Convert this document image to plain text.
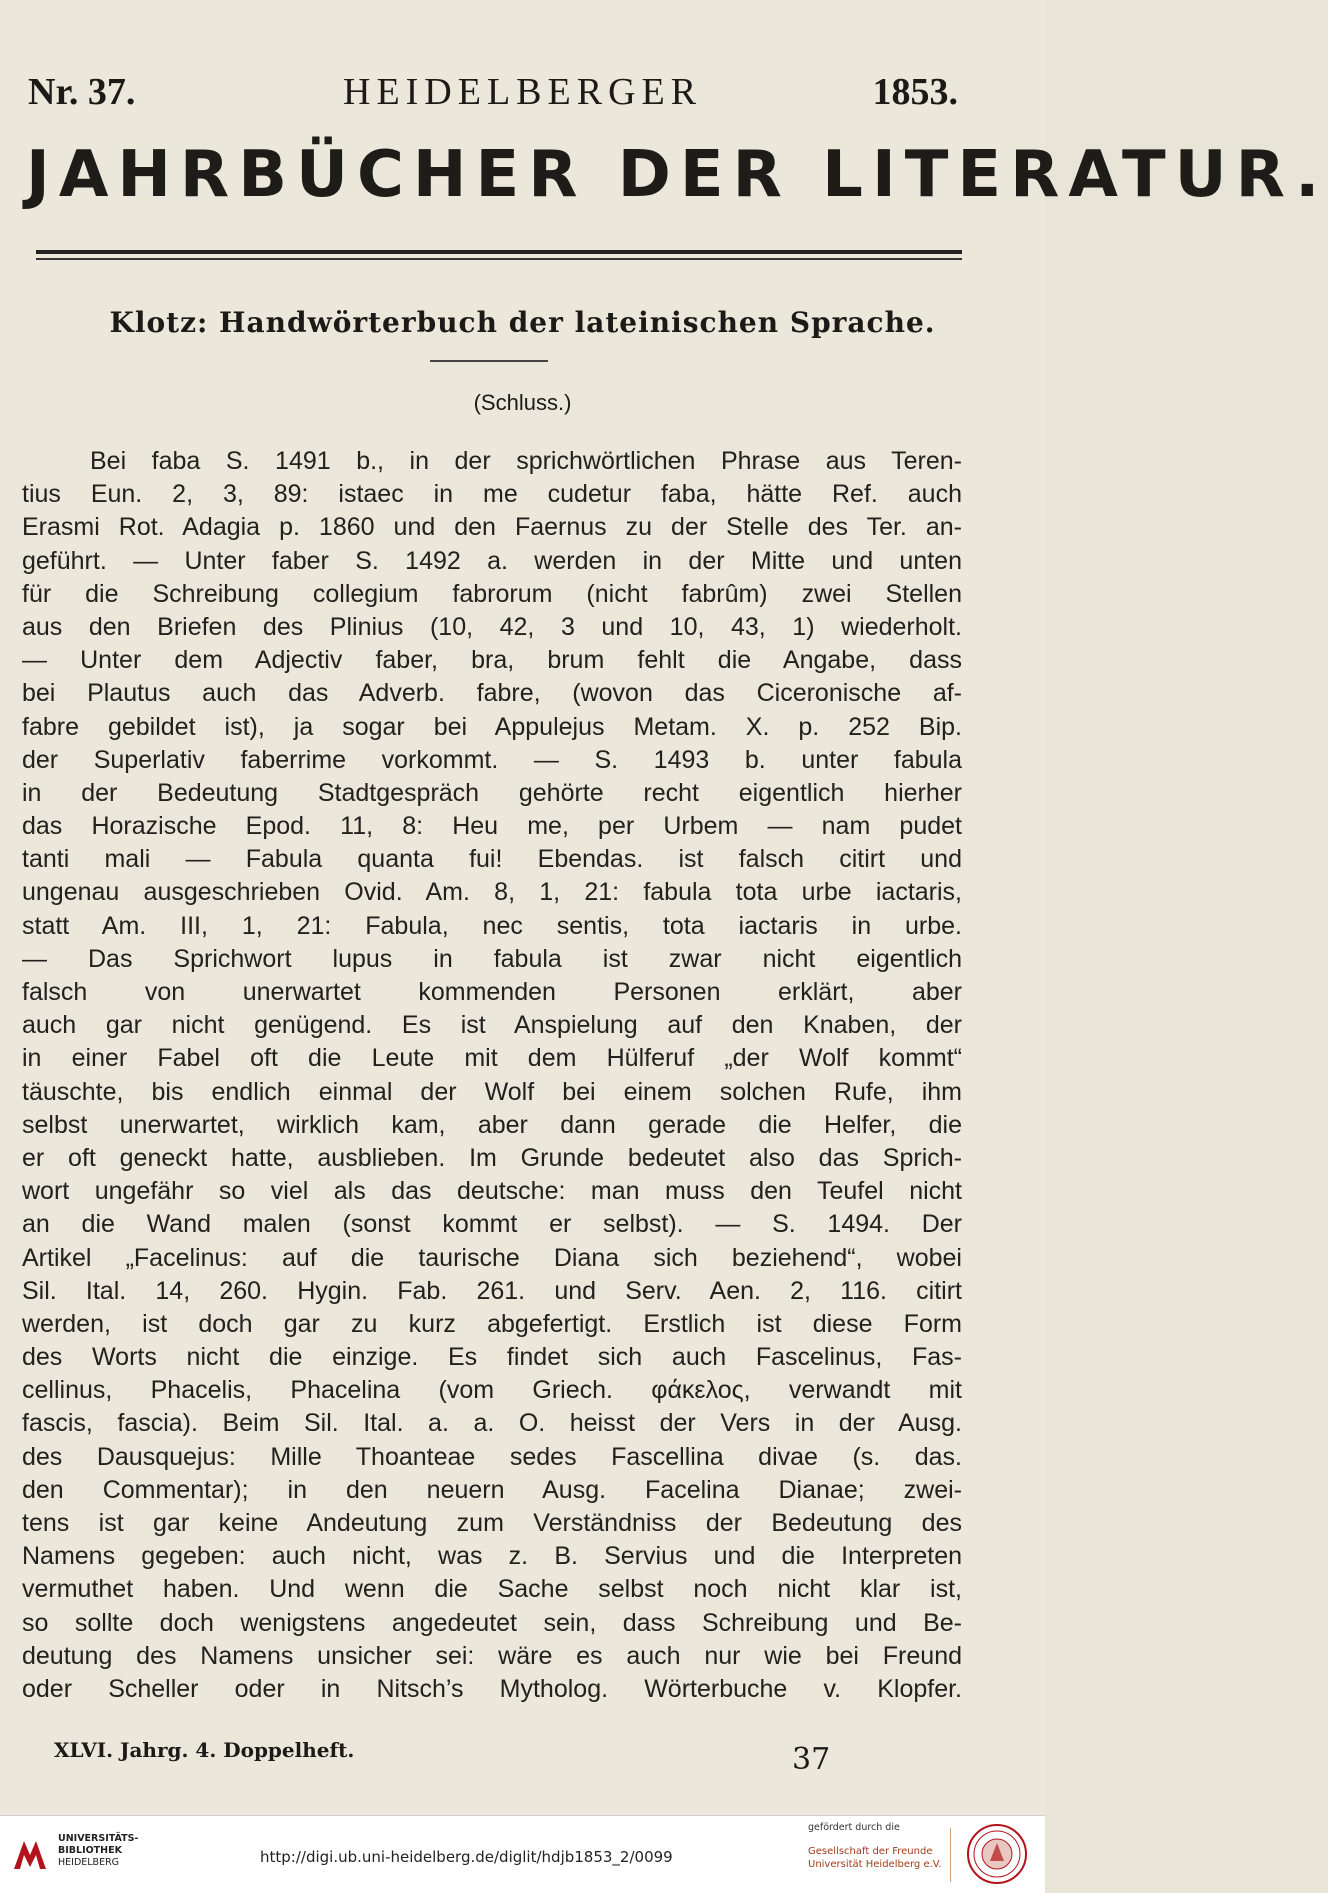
Nr. 37.	HEIDELBERGER	1853.
JAHRBÜCHER DER LITERATUR.
Klotz: Handwörterbuch der lateinischen Sprache.
(Schluss.)
Bei faba S. 1491 b., in der sprichwörtlichen Phrase aus Teren-
tius Eun. 2, 3, 89: istaec in me cudetur faba, hätte Ref. auch
Erasmi Rot. Adagia p. 1860 und den Faernus zu der Stelle des Ter. an-
geführt. — Unter faber S. 1492 a. werden in der Mitte und unten
für die Schreibung collegium fabrorum (nicht fabrûm) zwei Stellen
aus den Briefen des Plinius (10, 42, 3 und 10, 43, 1) wiederholt.
— Unter dem Adjectiv faber, bra, brum fehlt die Angabe, dass
bei Plautus auch das Adverb. fabre, (wovon das Ciceronische af-
fabre gebildet ist), ja sogar bei Appulejus Metam. X. p. 252 Bip.
der Superlativ faberrime vorkommt. — S. 1493 b. unter fabula
in der Bedeutung Stadtgespräch gehörte recht eigentlich hierher
das Horazische Epod. 11, 8: Heu me, per Urbem — nam pudet
tanti mali — Fabula quanta fui! Ebendas. ist falsch citirt und
ungenau ausgeschrieben Ovid. Am. 8, 1, 21: fabula tota urbe iactaris,
statt Am. III, 1, 21: Fabula, nec sentis, tota iactaris in urbe.
— Das Sprichwort lupus in fabula ist zwar nicht eigentlich
falsch von unerwartet kommenden Personen erklärt, aber
auch gar nicht genügend. Es ist Anspielung auf den Knaben, der
in einer Fabel oft die Leute mit dem Hülferuf „der Wolf kommt“
täuschte, bis endlich einmal der Wolf bei einem solchen Rufe, ihm
selbst unerwartet, wirklich kam, aber dann gerade die Helfer, die
er oft geneckt hatte, ausblieben. Im Grunde bedeutet also das Sprich-
wort ungefähr so viel als das deutsche: man muss den Teufel nicht
an die Wand malen (sonst kommt er selbst). — S. 1494. Der
Artikel „Facelinus: auf die taurische Diana sich beziehend“, wobei
Sil. Ital. 14, 260. Hygin. Fab. 261. und Serv. Aen. 2, 116. citirt
werden, ist doch gar zu kurz abgefertigt. Erstlich ist diese Form
des Worts nicht die einzige. Es findet sich auch Fascelinus, Fas-
cellinus, Phacelis, Phacelina (vom Griech. φάκελος, verwandt mit
fascis, fascia). Beim Sil. Ital. a. a. O. heisst der Vers in der Ausg.
des Dausquejus: Mille Thoanteae sedes Fascellina divae (s. das.
den Commentar); in den neuern Ausg. Facelina Dianae; zwei-
tens ist gar keine Andeutung zum Verständniss der Bedeutung des
Namens gegeben: auch nicht, was z. B. Servius und die Interpreten
vermuthet haben. Und wenn die Sache selbst noch nicht klar ist,
so sollte doch wenigstens angedeutet sein, dass Schreibung und Be-
deutung des Namens unsicher sei: wäre es auch nur wie bei Freund
oder Scheller oder in Nitsch’s Mytholog. Wörterbuche v. Klopfer.
XLVI. Jahrg. 4. Doppelheft.	37
UNIVERSITÄTS-
BIBLIOTHEK
HEIDELBERG	http://digi.ub.uni-heidelberg.de/diglit/hdjb1853_2/0099
gefördert durch die
Gesellschaft der Freunde
Universität Heidelberg e.V.
